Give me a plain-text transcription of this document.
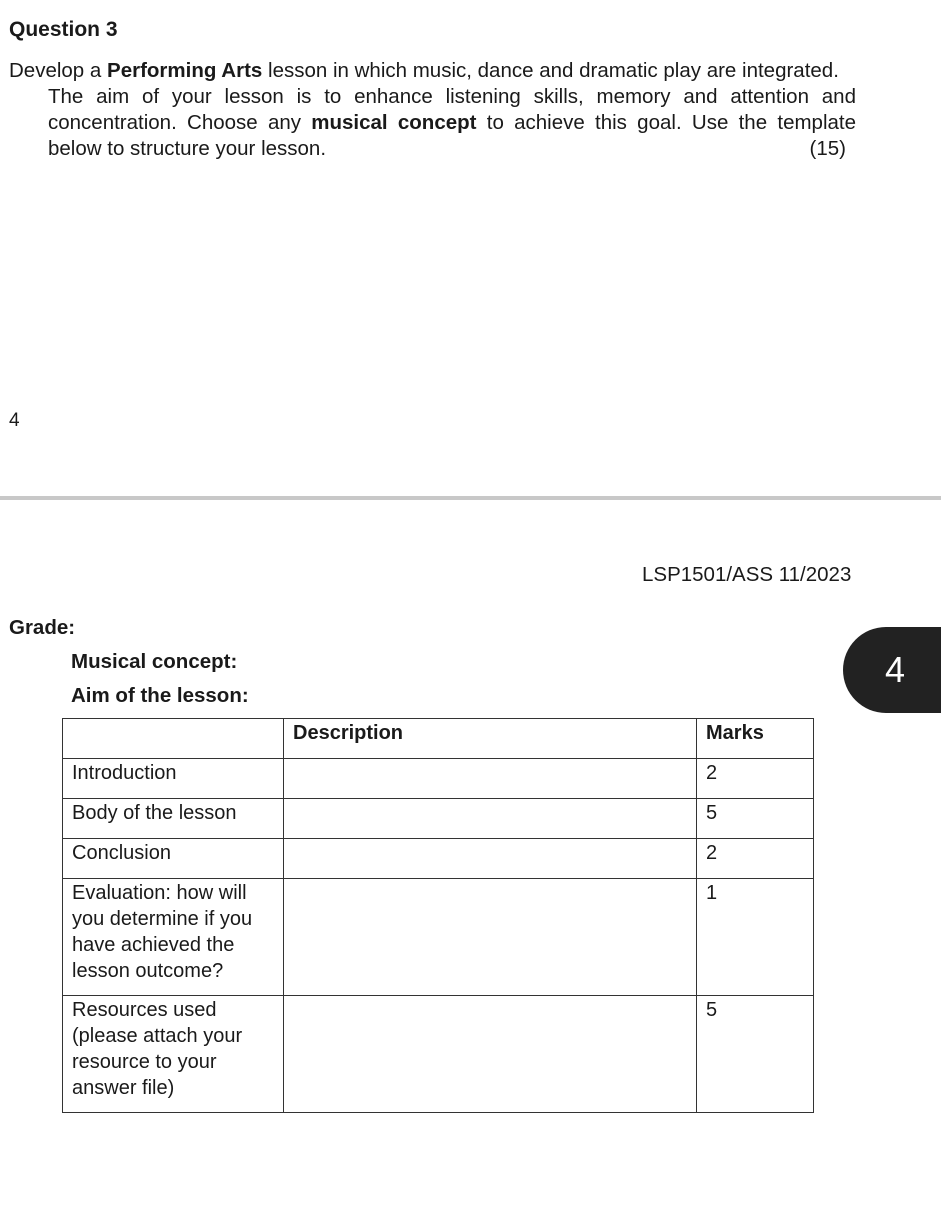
Question 3
Develop a Performing Arts lesson in which music, dance and dramatic play are integrated.
The aim of your lesson is to enhance listening skills, memory and attention and concentration. Choose any musical concept to achieve this goal. Use the template below to structure your lesson.	(15)
4
LSP1501/ASS 11/2023
Grade:
Musical concept:
Aim of the lesson:
4
	Description	Marks
Introduction		2
Body of the lesson		5
Conclusion		2
Evaluation: how will you determine if you have achieved the lesson outcome?		1
Resources used (please attach your resource to your answer file)		5
